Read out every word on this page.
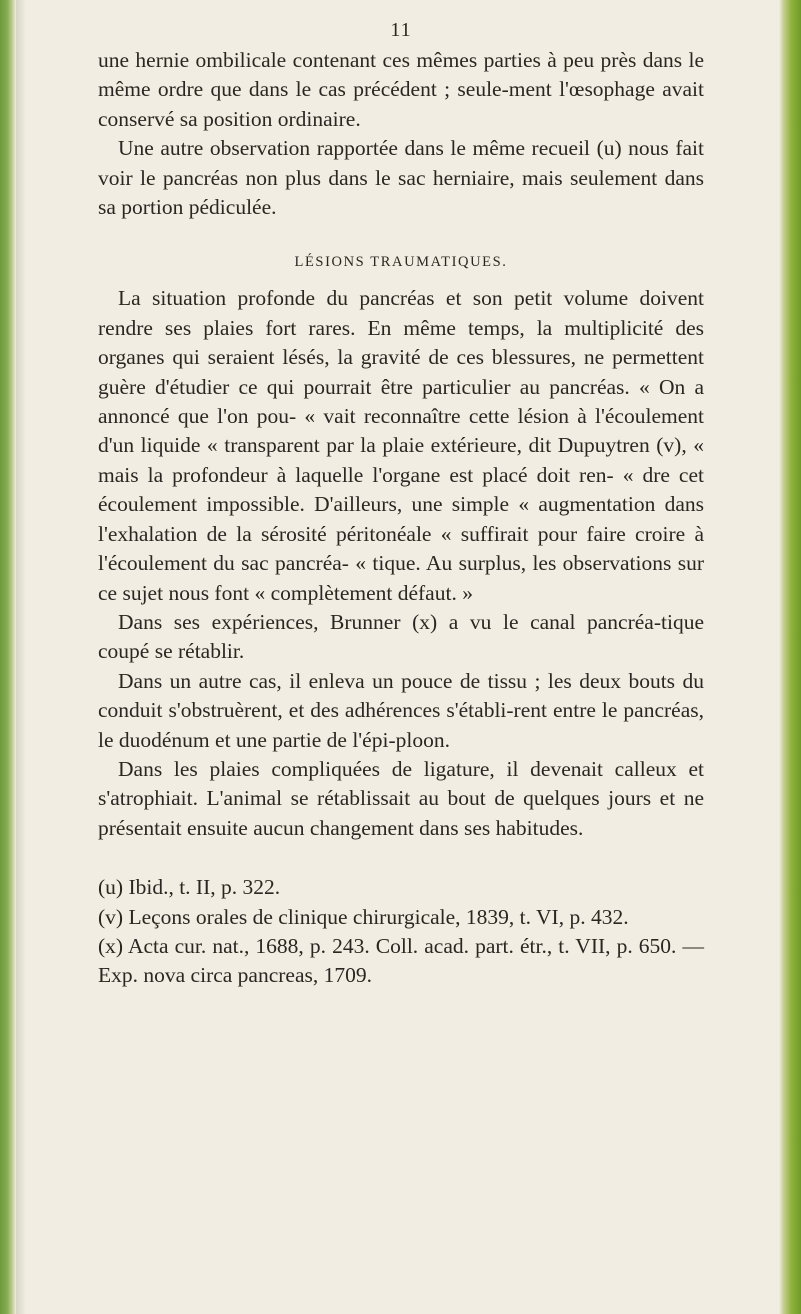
11

une hernie ombilicale contenant ces mêmes parties à peu près dans le même ordre que dans le cas précédent ; seule-ment l'œsophage avait conservé sa position ordinaire.

Une autre observation rapportée dans le même recueil (u) nous fait voir le pancréas non plus dans le sac herniaire, mais seulement dans sa portion pédiculée.

LÉSIONS TRAUMATIQUES.

La situation profonde du pancréas et son petit volume doivent rendre ses plaies fort rares. En même temps, la multiplicité des organes qui seraient lésés, la gravité de ces blessures, ne permettent guère d'étudier ce qui pourrait être particulier au pancréas. « On a annoncé que l'on pou- « vait reconnaître cette lésion à l'écoulement d'un liquide « transparent par la plaie extérieure, dit Dupuytren (v), « mais la profondeur à laquelle l'organe est placé doit ren- « dre cet écoulement impossible. D'ailleurs, une simple « augmentation dans l'exhalation de la sérosité péritonéale « suffirait pour faire croire à l'écoulement du sac pancréa- « tique. Au surplus, les observations sur ce sujet nous font « complètement défaut. »

Dans ses expériences, Brunner (x) a vu le canal pancréa-tique coupé se rétablir.

Dans un autre cas, il enleva un pouce de tissu ; les deux bouts du conduit s'obstruèrent, et des adhérences s'établi-rent entre le pancréas, le duodénum et une partie de l'épi-ploon.

Dans les plaies compliquées de ligature, il devenait calleux et s'atrophiait. L'animal se rétablissait au bout de quelques jours et ne présentait ensuite aucun changement dans ses habitudes.

(u) Ibid., t. II, p. 322.

(v) Leçons orales de clinique chirurgicale, 1839, t. VI, p. 432.

(x) Acta cur. nat., 1688, p. 243. Coll. acad. part. étr., t. VII, p. 650. — Exp. nova circa pancreas, 1709.
